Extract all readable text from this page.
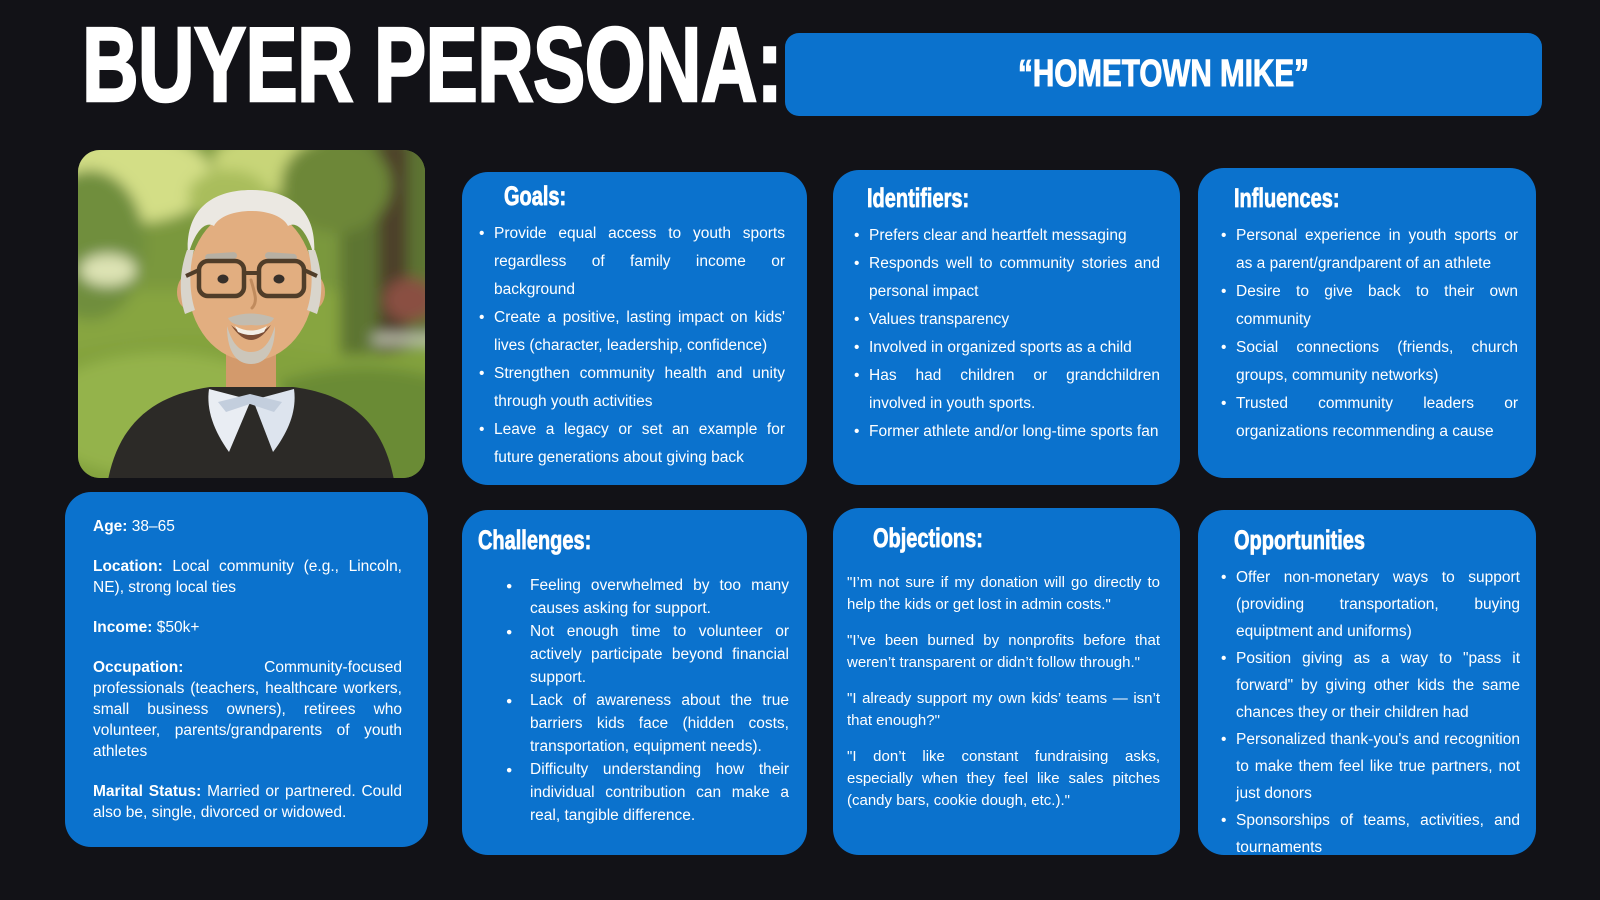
BUYER PERSONA:	“HOMETOWN MIKE”
Goals:
• Provide equal access to youth sports regardless of family income or background
• Create a positive, lasting impact on kids' lives (character, leadership, confidence)
• Strengthen community health and unity through youth activities
• Leave a legacy or set an example for future generations about giving back
Identifiers:
• Prefers clear and heartfelt messaging
• Responds well to community stories and personal impact
• Values transparency
• Involved in organized sports as a child
• Has had children or grandchildren involved in youth sports.
• Former athlete and/or long-time sports fan
Influences:
• Personal experience in youth sports or as a parent/grandparent of an athlete
• Desire to give back to their own community
• Social connections (friends, church groups, community networks)
• Trusted community leaders or organizations recommending a cause

Age: 38–65

Location: Local community (e.g., Lincoln, NE), strong local ties

Income: $50k+

Occupation: Community-focused professionals (teachers, healthcare workers, small business owners), retirees who volunteer, parents/grandparents of youth athletes

Marital Status: Married or partnered. Could also be, single, divorced or widowed.

Challenges:
● Feeling overwhelmed by too many causes asking for support.
● Not enough time to volunteer or actively participate beyond financial support.
● Lack of awareness about the true barriers kids face (hidden costs, transportation, equipment needs).
● Difficulty understanding how their individual contribution can make a real, tangible difference.
Objections:

"I’m not sure if my donation will go directly to help the kids or get lost in admin costs."

"I’ve been burned by nonprofits before that weren’t transparent or didn’t follow through."

"I already support my own kids’ teams — isn’t that enough?"

"I don’t like constant fundraising asks, especially when they feel like sales pitches (candy bars, cookie dough, etc.)."

Opportunities
• Offer non-monetary ways to support (providing transportation, buying equiptment and uniforms)
• Position giving as a way to "pass it forward" by giving other kids the same chances they or their children had
• Personalized thank-you's and recognition to make them feel like true partners, not just donors
• Sponsorships of teams, activities, and tournaments
